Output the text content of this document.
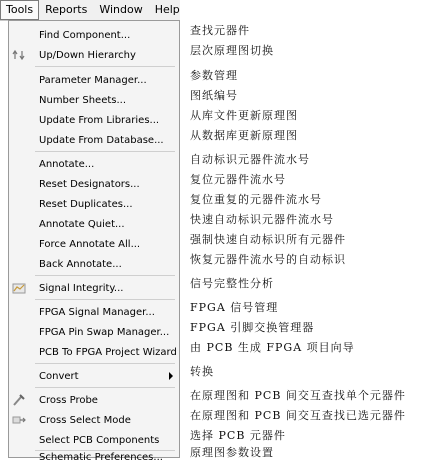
Tools	Reports	Window	Help
Find Component...
Up/Down Hierarchy
Parameter Manager...
Number Sheets...
Update From Libraries...
Update From Database...
Annotate...
Reset Designators...
Reset Duplicates...
Annotate Quiet...
Force Annotate All...
Back Annotate...
Signal Integrity...
FPGA Signal Manager...
FPGA Pin Swap Manager...
PCB To FPGA Project Wizard
Convert
Cross Probe
Cross Select Mode
Select PCB Components
Schematic Preferences...
查找元器件
层次原理图切换
参数管理
图纸编号
从库文件更新原理图
从数据库更新原理图
自动标识元器件流水号
复位元器件流水号
复位重复的元器件流水号
快速自动标识元器件流水号
强制快速自动标识所有元器件
恢复元器件流水号的自动标识
信号完整性分析
FPGA 信号管理
FPGA 引脚交换管理器
由 PCB 生成 FPGA 项目向导
转换
在原理图和 PCB 间交互查找单个元器件
在原理图和 PCB 间交互查找已选元器件
选择 PCB 元器件
原理图参数设置
